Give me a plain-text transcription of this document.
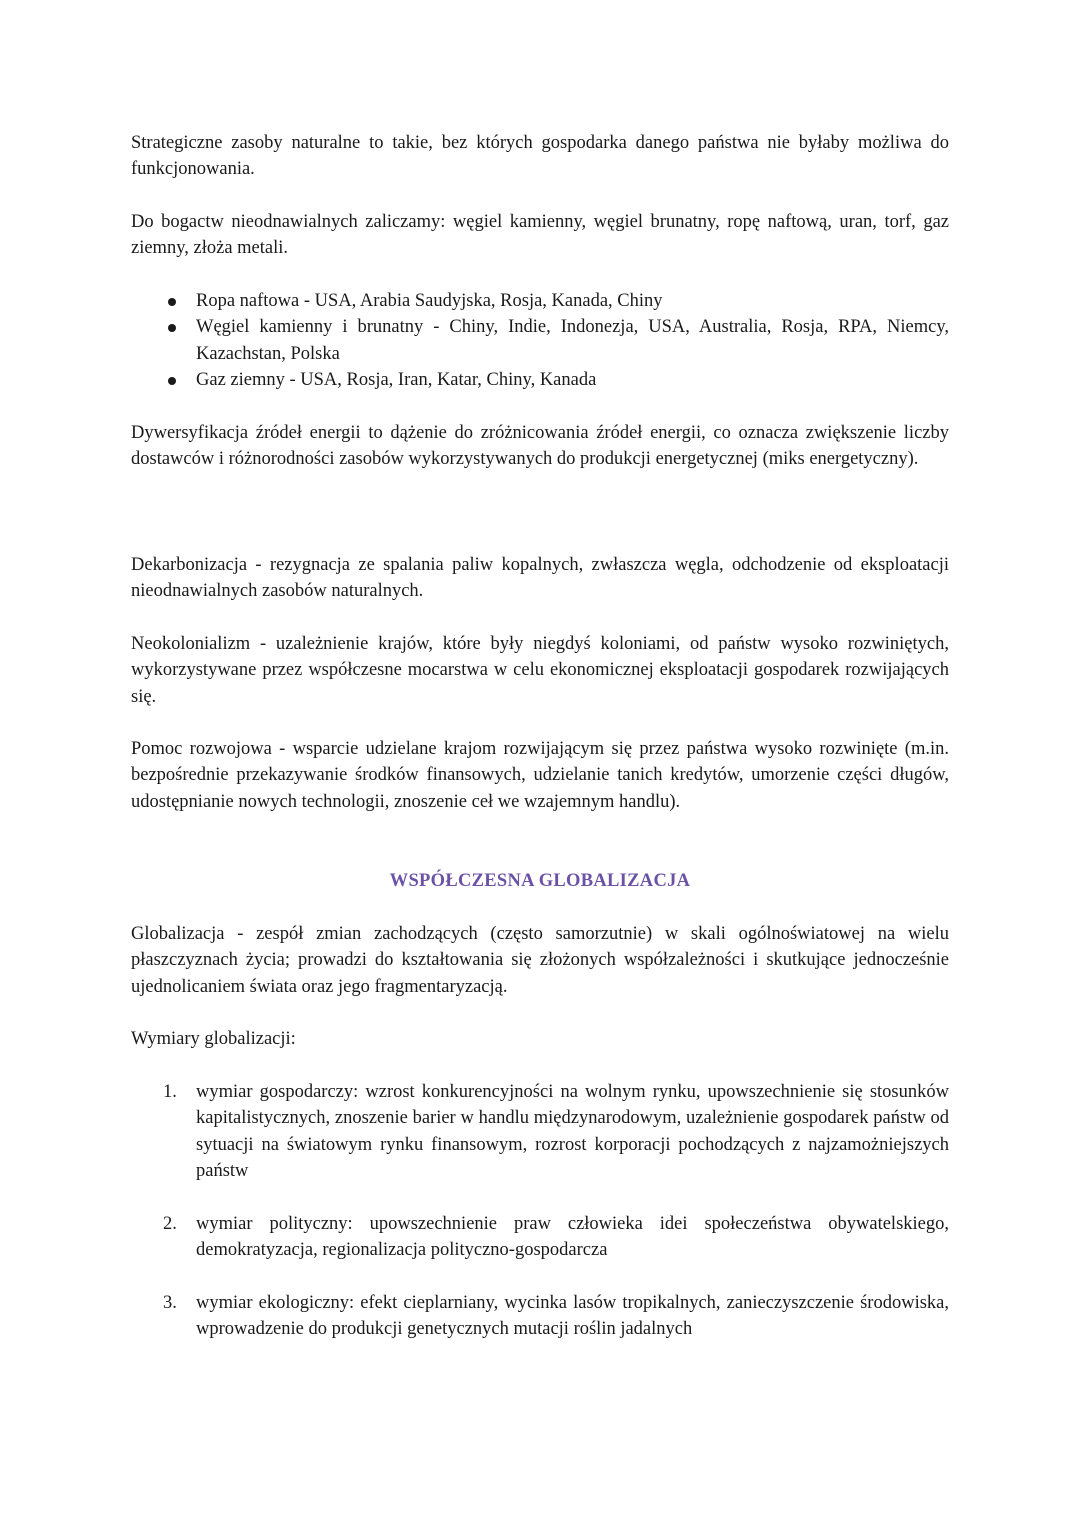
Strategiczne zasoby naturalne to takie, bez których gospodarka danego państwa nie byłaby możliwa do funkcjonowania.

Do bogactw nieodnawialnych zaliczamy: węgiel kamienny, węgiel brunatny, ropę naftową, uran, torf, gaz ziemny, złoża metali.

Ropa naftowa - USA, Arabia Saudyjska, Rosja, Kanada, Chiny
Węgiel kamienny i brunatny - Chiny, Indie, Indonezja, USA, Australia, Rosja, RPA, Niemcy, Kazachstan, Polska
Gaz ziemny - USA, Rosja, Iran, Katar, Chiny, Kanada

Dywersyfikacja źródeł energii to dążenie do zróżnicowania źródeł energii, co oznacza zwiększenie liczby dostawców i różnorodności zasobów wykorzystywanych do produkcji energetycznej (miks energetyczny).

Dekarbonizacja - rezygnacja ze spalania paliw kopalnych, zwłaszcza węgla, odchodzenie od eksploatacji nieodnawialnych zasobów naturalnych.

Neokolonializm - uzależnienie krajów, które były niegdyś koloniami, od państw wysoko rozwiniętych, wykorzystywane przez współczesne mocarstwa w celu ekonomicznej eksploatacji gospodarek rozwijających się.

Pomoc rozwojowa - wsparcie udzielane krajom rozwijającym się przez państwa wysoko rozwinięte (m.in. bezpośrednie przekazywanie środków finansowych, udzielanie tanich kredytów, umorzenie części długów, udostępnianie nowych technologii, znoszenie ceł we wzajemnym handlu).

WSPÓŁCZESNA GLOBALIZACJA

Globalizacja - zespół zmian zachodzących (często samorzutnie) w skali ogólnoświatowej na wielu płaszczyznach życia; prowadzi do kształtowania się złożonych współzależności i skutkujące jednocześnie ujednolicaniem świata oraz jego fragmentaryzacją.

Wymiary globalizacji:

1. wymiar gospodarczy: wzrost konkurencyjności na wolnym rynku, upowszechnienie się stosunków kapitalistycznych, znoszenie barier w handlu międzynarodowym, uzależnienie gospodarek państw od sytuacji na światowym rynku finansowym, rozrost korporacji pochodzących z najzamożniejszych państw
2. wymiar polityczny: upowszechnienie praw człowieka idei społeczeństwa obywatelskiego, demokratyzacja, regionalizacja polityczno-gospodarcza
3. wymiar ekologiczny: efekt cieplarniany, wycinka lasów tropikalnych, zanieczyszczenie środowiska, wprowadzenie do produkcji genetycznych mutacji roślin jadalnych
